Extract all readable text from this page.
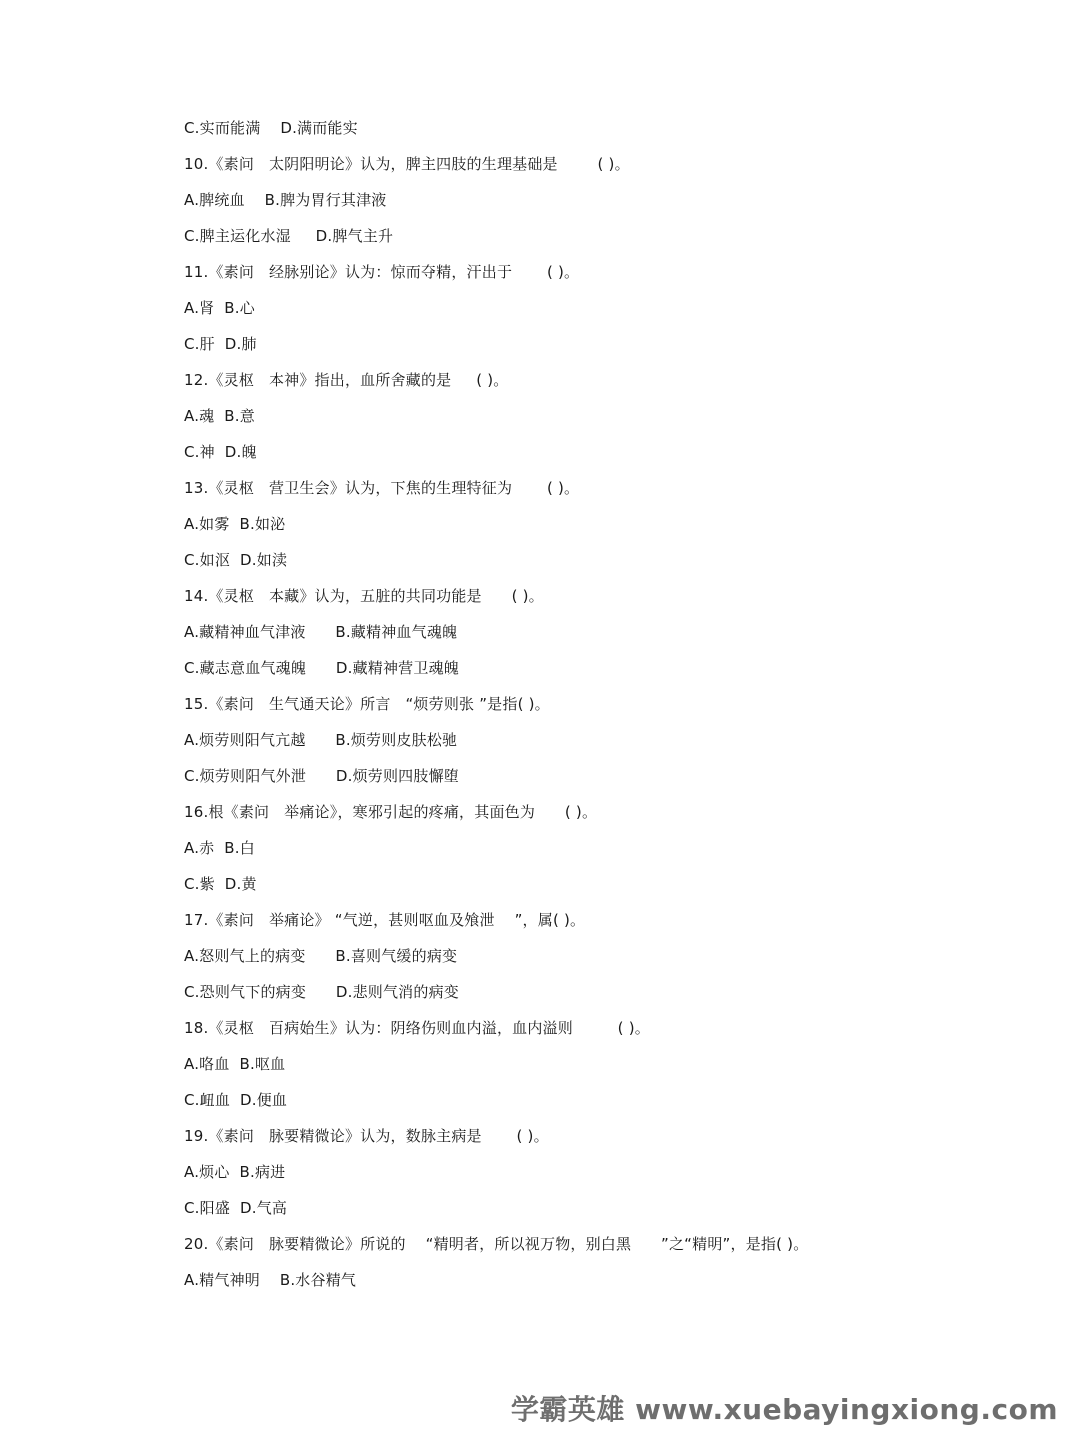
C.实而能满    D.满而能实
10.《素问   太阴阳明论》认为，脾主四肢的生理基础是        ( )。
A.脾统血    B.脾为胃行其津液
C.脾主运化水湿     D.脾气主升
11.《素问   经脉别论》认为：惊而夺精，汗出于       ( )。
A.肾  B.心
C.肝  D.肺
12.《灵枢   本神》指出，血所舍藏的是     ( )。
A.魂  B.意
C.神  D.魄
13.《灵枢   营卫生会》认为，下焦的生理特征为       ( )。
A.如雾  B.如泌
C.如沤  D.如渎
14.《灵枢   本藏》认为，五脏的共同功能是      ( )。
A.藏精神血气津液      B.藏精神血气魂魄
C.藏志意血气魂魄      D.藏精神营卫魂魄
15.《素问   生气通天论》所言   “烦劳则张 ”是指( )。
A.烦劳则阳气亢越      B.烦劳则皮肤松驰
C.烦劳则阳气外泄      D.烦劳则四肢懈堕
16.根《素问   举痛论》，寒邪引起的疼痛，其面色为      ( )。
A.赤  B.白
C.紫  D.黄
17.《素问   举痛论》 “气逆，甚则呕血及飧泄    ”，属( )。
A.怒则气上的病变      B.喜则气缓的病变
C.恐则气下的病变      D.悲则气消的病变
18.《灵枢   百病始生》认为：阴络伤则血内溢，血内溢则         ( )。
A.咯血  B.呕血
C.衄血  D.便血
19.《素问   脉要精微论》认为，数脉主病是       ( )。
A.烦心  B.病进
C.阳盛  D.气高
20.《素问   脉要精微论》所说的    “精明者，所以视万物，别白黑      ”之“精明”，是指( )。
A.精气神明    B.水谷精气
学霸英雄 www.xuebayingxiong.com
